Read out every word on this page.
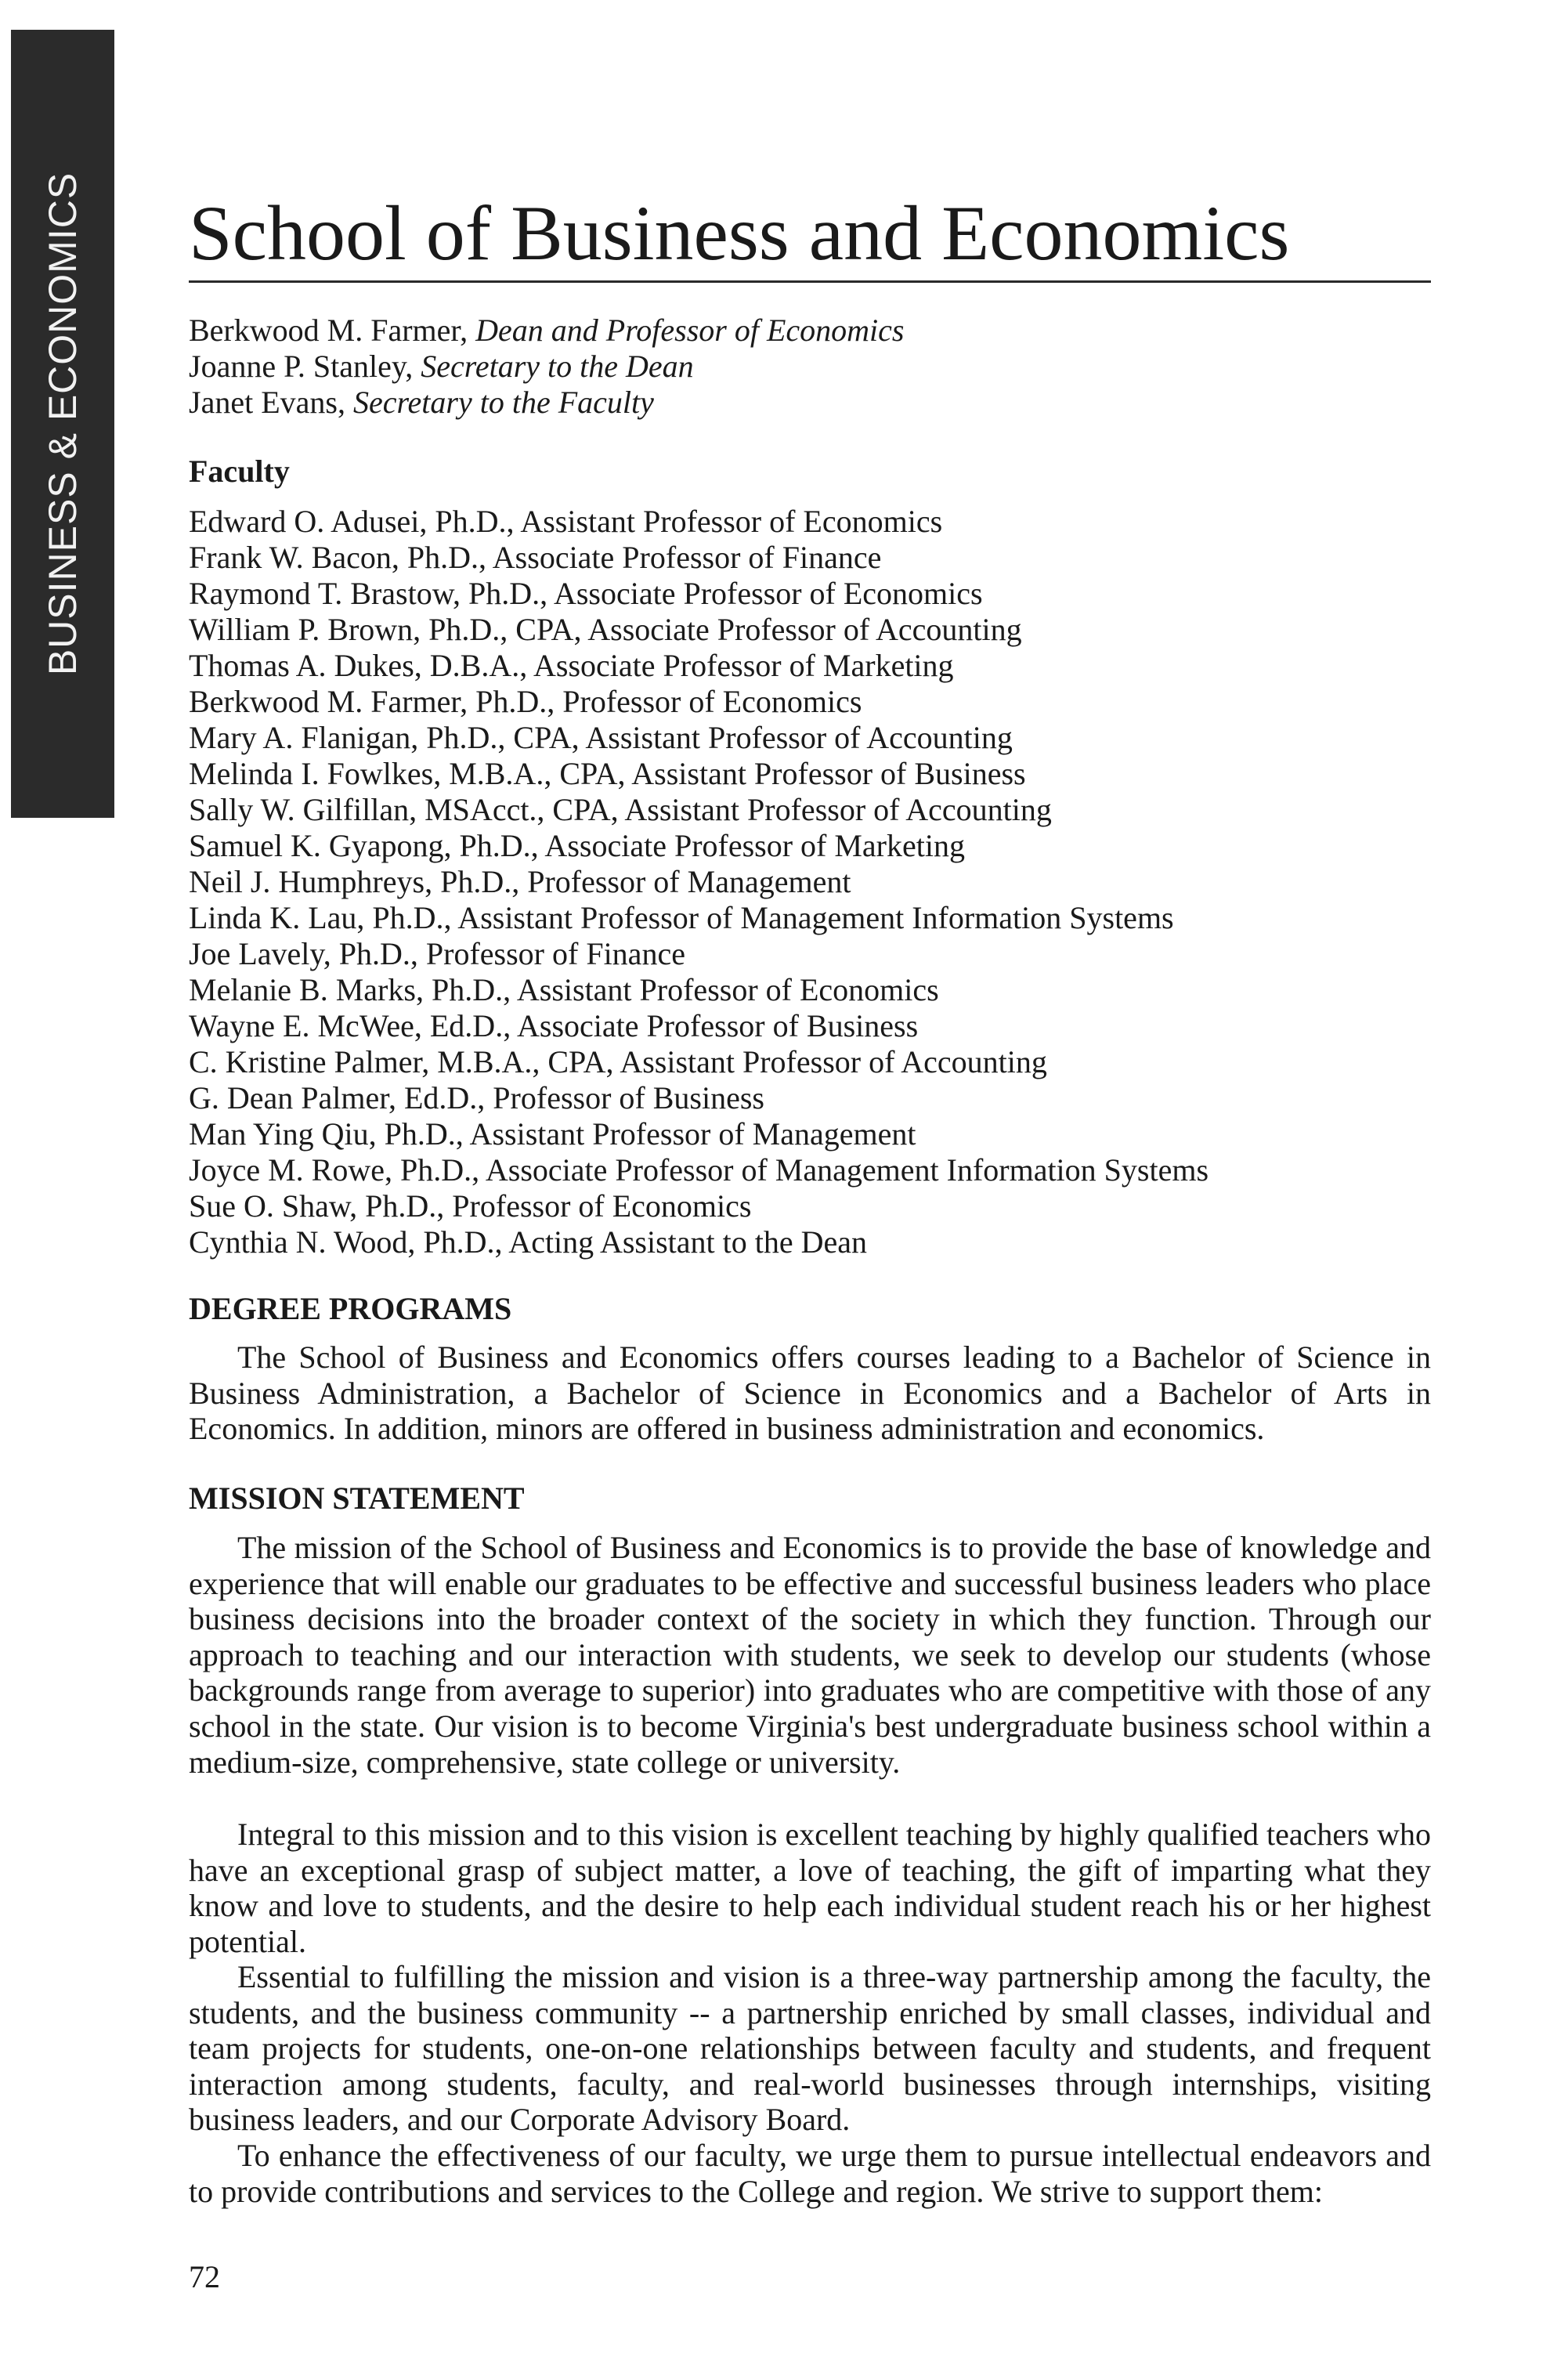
BUSINESS & ECONOMICS School of Business and Economics
Berkwood M. Farmer, Dean and Professor of Economics
Joanne P. Stanley, Secretary to the Dean
Janet Evans, Secretary to the Faculty
Faculty
Edward O. Adusei, Ph.D., Assistant Professor of Economics
Frank W. Bacon, Ph.D., Associate Professor of Finance
Raymond T. Brastow, Ph.D., Associate Professor of Economics
William P. Brown, Ph.D., CPA, Associate Professor of Accounting
Thomas A. Dukes, D.B.A., Associate Professor of Marketing
Berkwood M. Farmer, Ph.D., Professor of Economics
Mary A. Flanigan, Ph.D., CPA, Assistant Professor of Accounting
Melinda I. Fowlkes, M.B.A., CPA, Assistant Professor of Business
Sally W. Gilfillan, MSAcct., CPA, Assistant Professor of Accounting
Samuel K. Gyapong, Ph.D., Associate Professor of Marketing
Neil J. Humphreys, Ph.D., Professor of Management
Linda K. Lau, Ph.D., Assistant Professor of Management Information Systems
Joe Lavely, Ph.D., Professor of Finance
Melanie B. Marks, Ph.D., Assistant Professor of Economics
Wayne E. McWee, Ed.D., Associate Professor of Business
C. Kristine Palmer, M.B.A., CPA, Assistant Professor of Accounting
G. Dean Palmer, Ed.D., Professor of Business
Man Ying Qiu, Ph.D., Assistant Professor of Management
Joyce M. Rowe, Ph.D., Associate Professor of Management Information Systems
Sue O. Shaw, Ph.D., Professor of Economics
Cynthia N. Wood, Ph.D., Acting Assistant to the Dean
DEGREE PROGRAMS

The School of Business and Economics offers courses leading to a Bachelor of Science in Business Administration, a Bachelor of Science in Economics and a Bachelor of Arts in Economics. In addition, minors are offered in business administration and economics.

MISSION STATEMENT

The mission of the School of Business and Economics is to provide the base of knowledge and experience that will enable our graduates to be effective and successful business leaders who place business decisions into the broader context of the society in which they function. Through our approach to teaching and our interaction with students, we seek to develop our students (whose backgrounds range from average to superior) into graduates who are competitive with those of any school in the state. Our vision is to become Virginia's best undergraduate business school within a medium-size, comprehensive, state college or university.

Integral to this mission and to this vision is excellent teaching by highly qualified teachers who have an exceptional grasp of subject matter, a love of teaching, the gift of imparting what they know and love to students, and the desire to help each individual student reach his or her highest potential.

Essential to fulfilling the mission and vision is a three-way partnership among the faculty, the students, and the business community -- a partnership enriched by small classes, individual and team projects for students, one-on-one relationships between faculty and students, and frequent interaction among students, faculty, and real-world businesses through internships, visiting business leaders, and our Corporate Advisory Board.

To enhance the effectiveness of our faculty, we urge them to pursue intellectual endeavors and to provide contributions and services to the College and region. We strive to support them:

72
